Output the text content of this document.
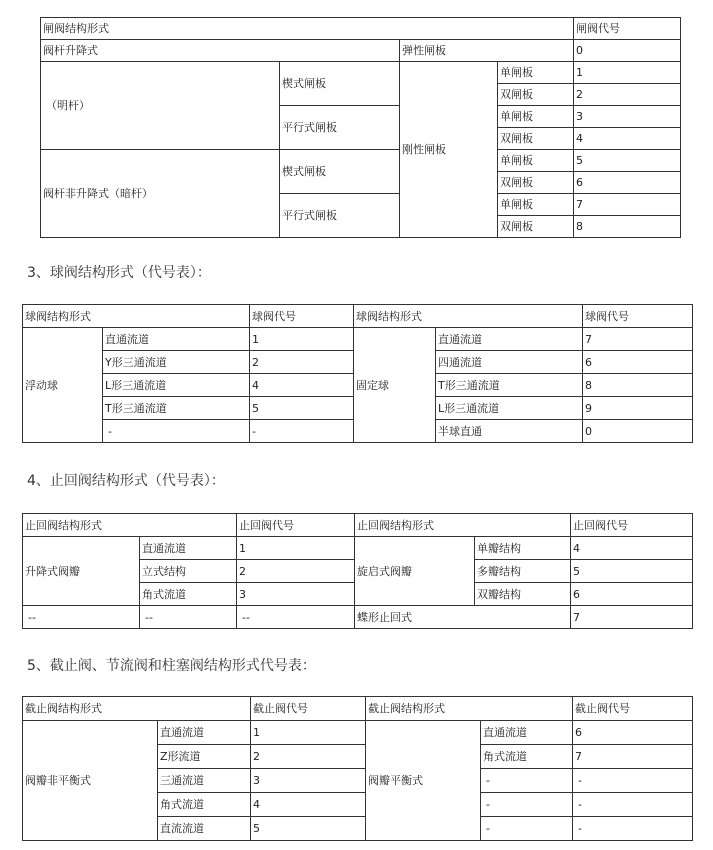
闸阀结构形式				闸阀代号
阀杆升降式		弹性闸板		0
（明杆）	楔式闸板	刚性闸板	单闸板	1
			双闸板	2
	平行式闸板		单闸板	3
			双闸板	4
阀杆非升降式（暗杆）	楔式闸板		单闸板	5
			双闸板	6
	平行式闸板		单闸板	7
			双闸板	8
3、球阀结构形式（代号表）：
球阀结构形式		球阀代号	球阀结构形式		球阀代号
浮动球	直通流道	1	固定球	直通流道	7
	Y形三通流道	2		四通流道	6
	L形三通流道	4		T形三通流道	8
	T形三通流道	5		L形三通流道	9
	-	-		半球直通	0
4、止回阀结构形式（代号表）：
止回阀结构形式		止回阀代号	止回阀结构形式		止回阀代号
升降式阀瓣	直通流道	1	旋启式阀瓣	单瓣结构	4
	立式结构	2		多瓣结构	5
	角式流道	3		双瓣结构	6
--	--	--	蝶形止回式		7
5、截止阀、节流阀和柱塞阀结构形式代号表：
截止阀结构形式		截止阀代号	截止阀结构形式		截止阀代号
阀瓣非平衡式	直通流道	1	阀瓣平衡式	直通流道	6
	Z形流道	2		角式流道	7
	三通流道	3		-	-
	角式流道	4		-	-
	直流流道	5		-	-
